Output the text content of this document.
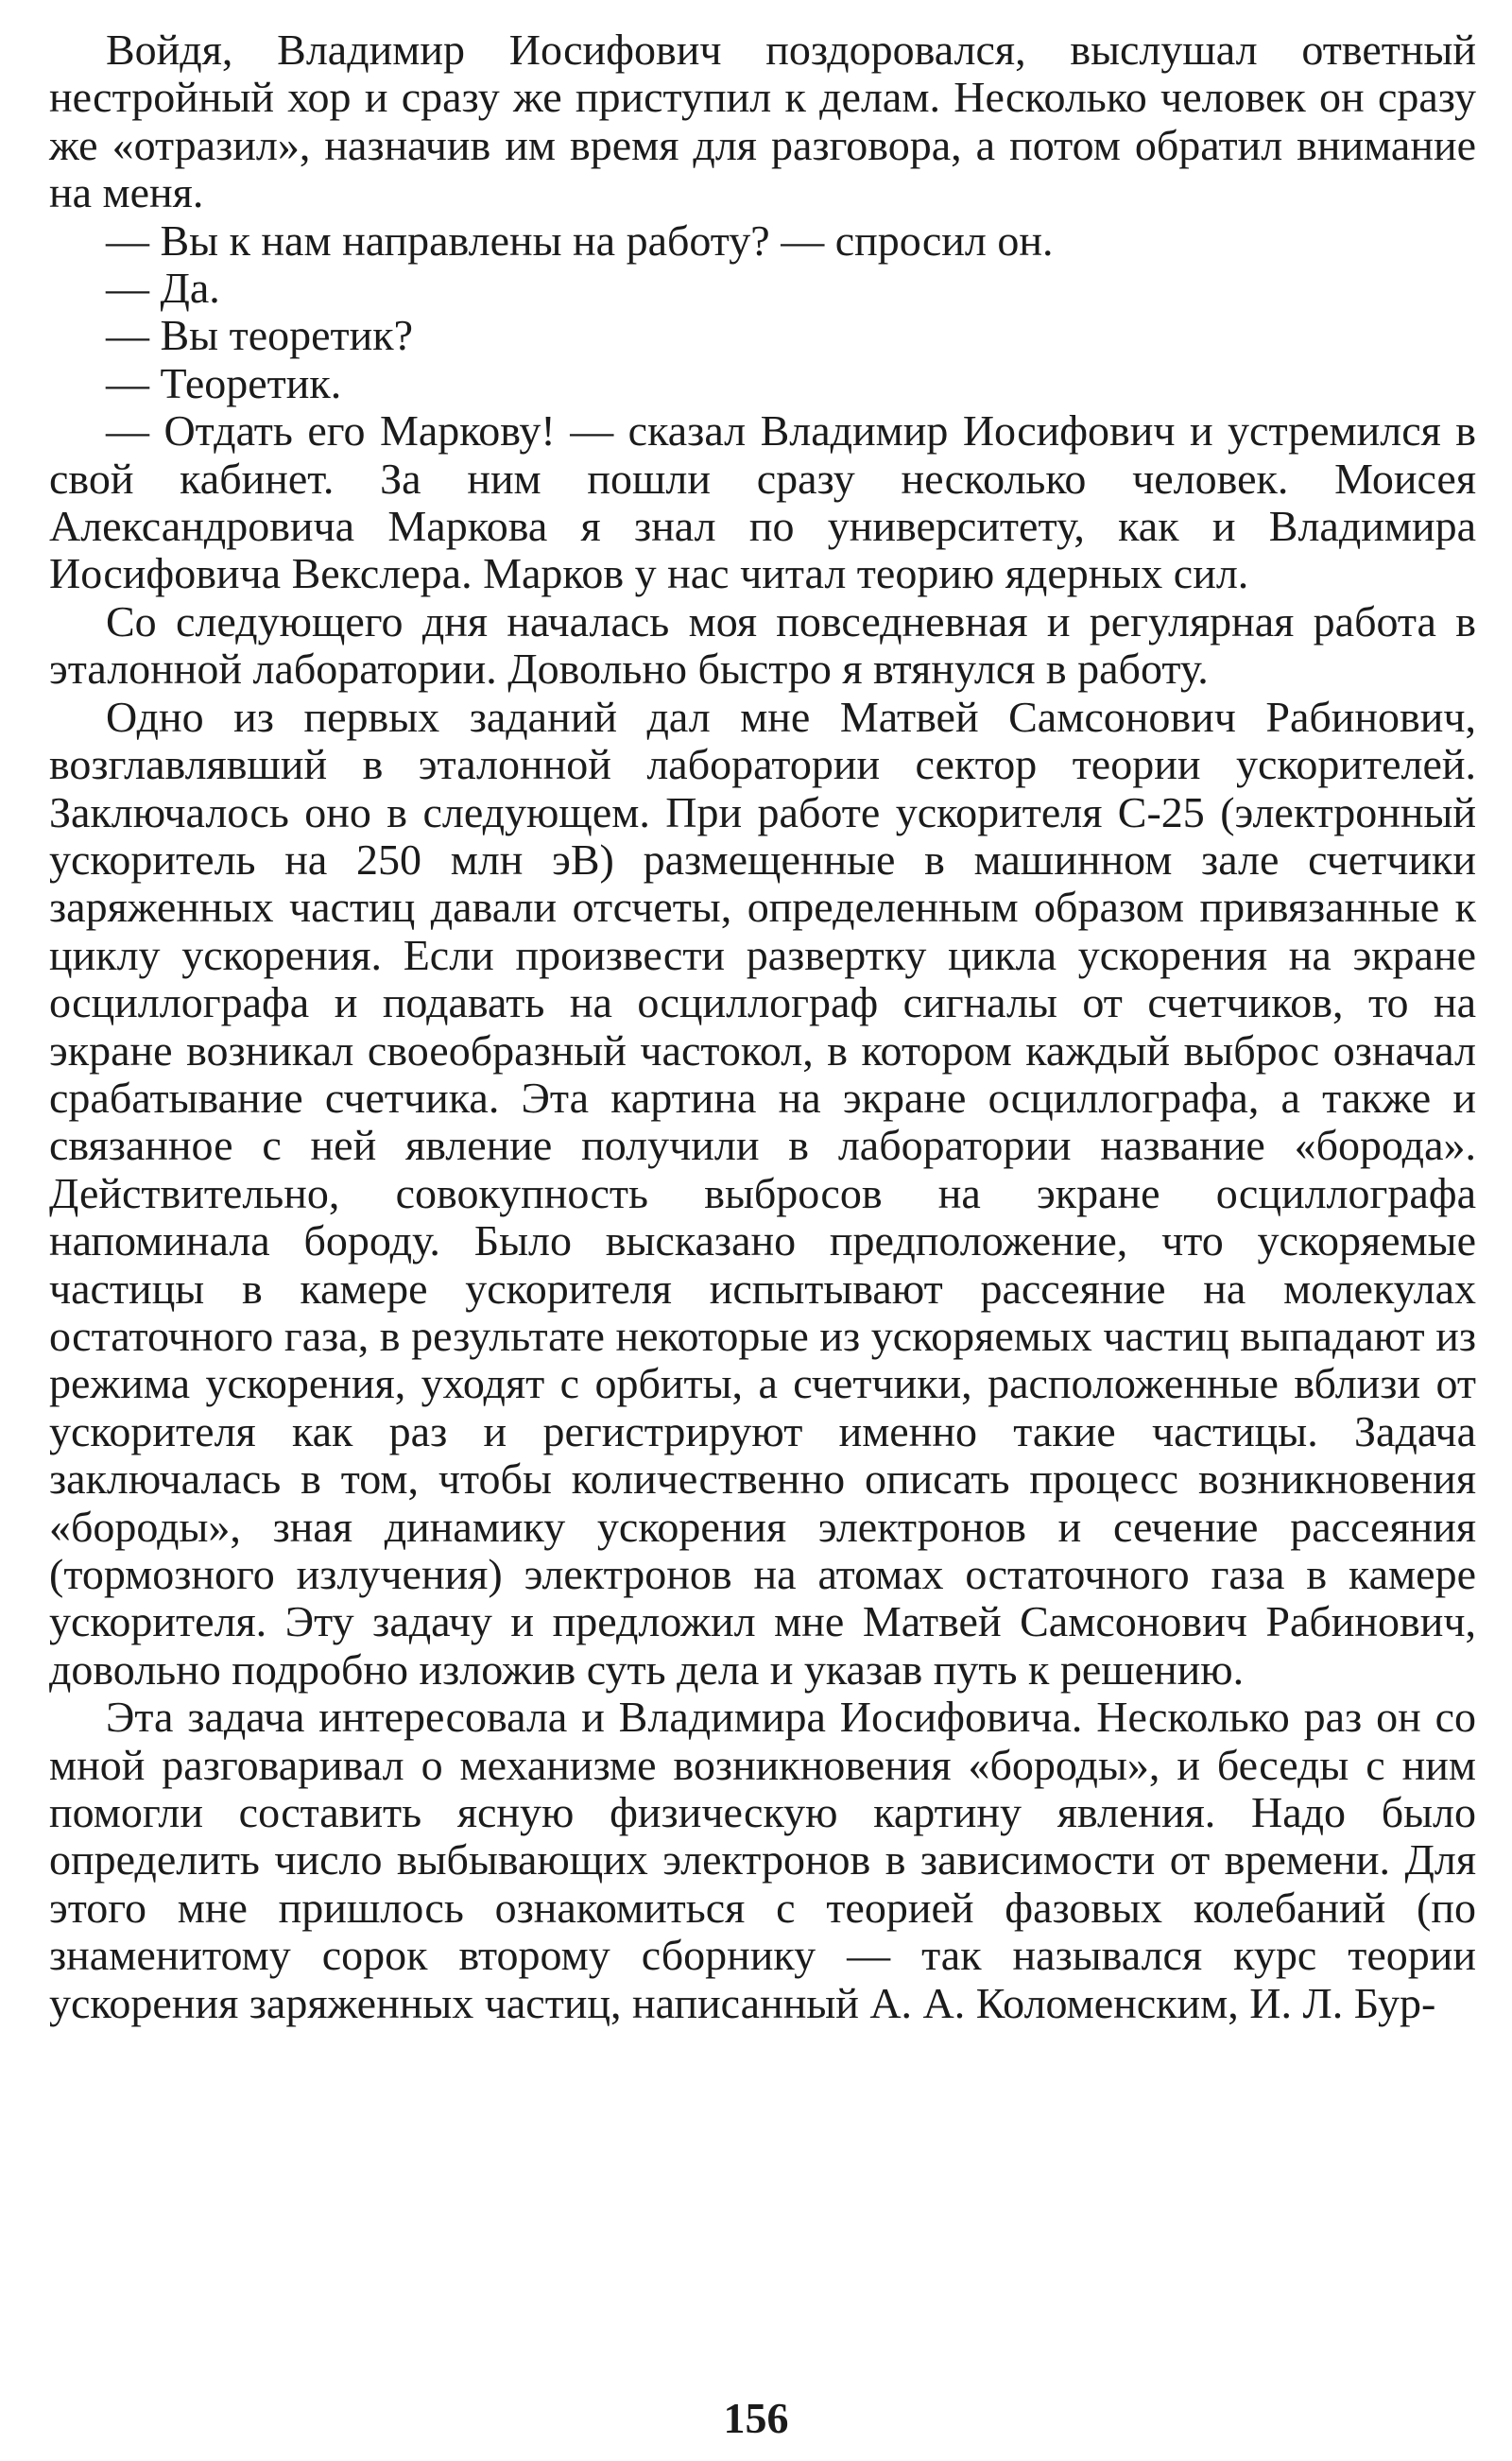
Войдя, Владимир Иосифович поздоровался, выслушал ответный нестройный хор и сразу же приступил к делам. Несколько человек он сразу же «отразил», назначив им время для разговора, а потом обратил внимание на меня.

— Вы к нам направлены на работу? — спросил он.

— Да.

— Вы теоретик?

— Теоретик.

— Отдать его Маркову! — сказал Владимир Иосифович и устремился в свой кабинет. За ним пошли сразу несколько человек. Моисея Александровича Маркова я знал по университету, как и Владимира Иосифовича Векслера. Марков у нас читал теорию ядерных сил.

Со следующего дня началась моя повседневная и регулярная работа в эталонной лаборатории. Довольно быстро я втянулся в работу.

Одно из первых заданий дал мне Матвей Самсонович Рабинович, возглавлявший в эталонной лаборатории сектор теории ускорителей. Заключалось оно в следующем. При работе ускорителя С-25 (электронный ускоритель на 250 млн эВ) размещенные в машинном зале счетчики заряженных частиц давали отсчеты, определенным образом привязанные к циклу ускорения. Если произвести развертку цикла ускорения на экране осциллографа и подавать на осциллограф сигналы от счетчиков, то на экране возникал своеобразный частокол, в котором каждый выброс означал срабатывание счетчика. Эта картина на экране осциллографа, а также и связанное с ней явление получили в лаборатории название «борода». Действительно, совокупность выбросов на экране осциллографа напоминала бороду. Было высказано предположение, что ускоряемые частицы в камере ускорителя испытывают рассеяние на молекулах остаточного газа, в результате некоторые из ускоряемых частиц выпадают из режима ускорения, уходят с орбиты, а счетчики, расположенные вблизи от ускорителя как раз и регистрируют именно такие частицы. Задача заключалась в том, чтобы количественно описать процесс возникновения «бороды», зная динамику ускорения электронов и сечение рассеяния (тормозного излучения) электронов на атомах остаточного газа в камере ускорителя. Эту задачу и предложил мне Матвей Самсонович Рабинович, довольно подробно изложив суть дела и указав путь к решению.

Эта задача интересовала и Владимира Иосифовича. Несколько раз он со мной разговаривал о механизме возникновения «бороды», и беседы с ним помогли составить ясную физическую картину явления. Надо было определить число выбывающих электронов в зависимости от времени. Для этого мне пришлось ознакомиться с теорией фазовых колебаний (по знаменитому сорок второму сборнику — так назывался курс теории ускорения заряженных частиц, написанный А. А. Коломенским, И. Л. Бур-

156
